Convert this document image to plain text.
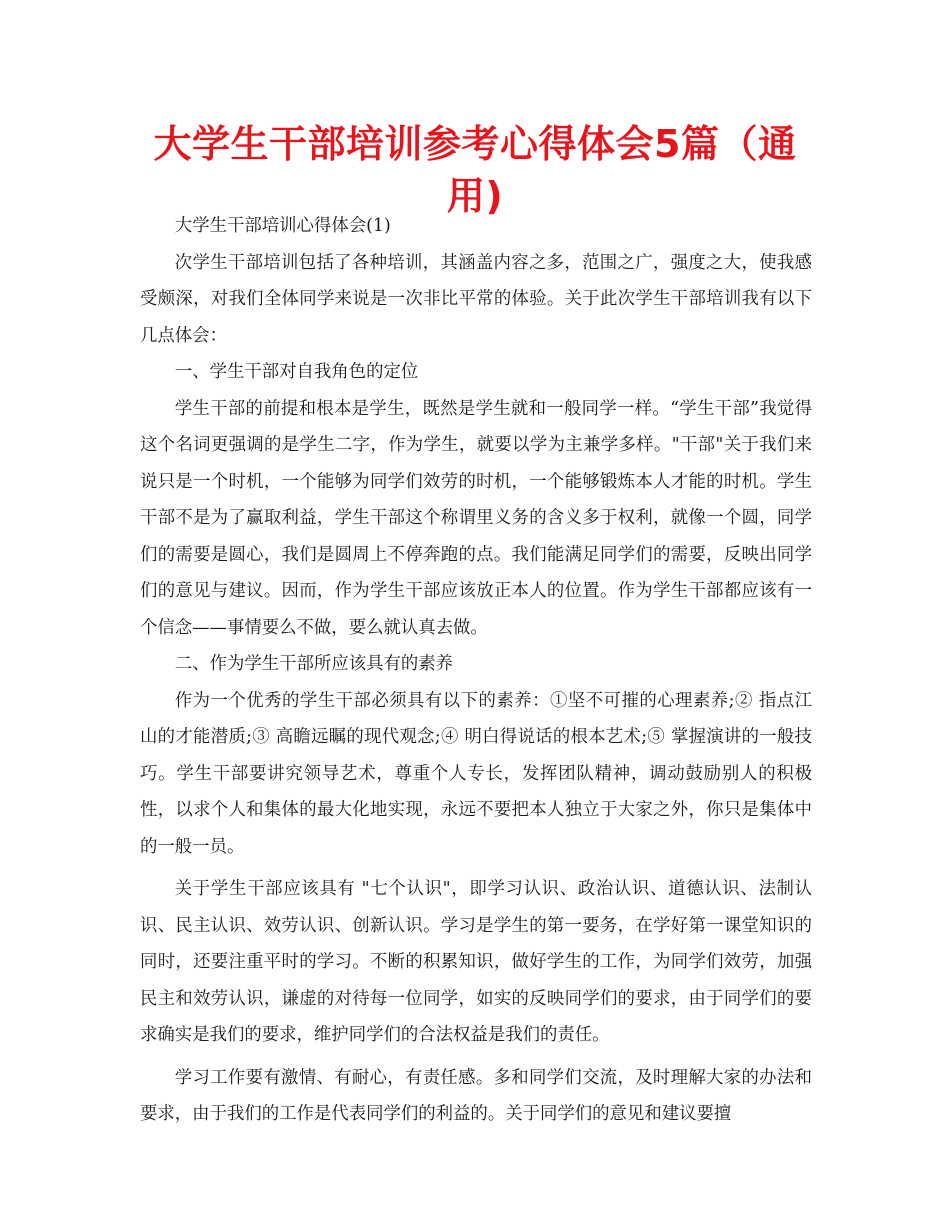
大学生干部培训参考心得体会5篇（通用)

大学生干部培训心得体会(1)

次学生干部培训包括了各种培训，其涵盖内容之多，范围之广，强度之大，使我感受颇深，对我们全体同学来说是一次非比平常的体验。关于此次学生干部培训我有以下几点体会：

一、学生干部对自我角色的定位

学生干部的前提和根本是学生，既然是学生就和一般同学一样。“学生干部”我觉得这个名词更强调的是学生二字，作为学生，就要以学为主兼学多样。"干部"关于我们来说只是一个时机，一个能够为同学们效劳的时机，一个能够锻炼本人才能的时机。学生干部不是为了赢取利益，学生干部这个称谓里义务的含义多于权利，就像一个圆，同学们的需要是圆心，我们是圆周上不停奔跑的点。我们能满足同学们的需要，反映出同学们的意见与建议。因而，作为学生干部应该放正本人的位置。作为学生干部都应该有一个信念——事情要么不做，要么就认真去做。

二、作为学生干部所应该具有的素养

作为一个优秀的学生干部必须具有以下的素养：①坚不可摧的心理素养;② 指点江山的才能潜质;③ 高瞻远瞩的现代观念;④ 明白得说话的根本艺术;⑤ 掌握演讲的一般技巧。学生干部要讲究领导艺术，尊重个人专长，发挥团队精神，调动鼓励别人的积极性，以求个人和集体的最大化地实现，永远不要把本人独立于大家之外，你只是集体中的一般一员。

关于学生干部应该具有 "七个认识"，即学习认识、政治认识、道德认识、法制认识、民主认识、效劳认识、创新认识。学习是学生的第一要务，在学好第一课堂知识的同时，还要注重平时的学习。不断的积累知识，做好学生的工作，为同学们效劳，加强民主和效劳认识，谦虚的对待每一位同学，如实的反映同学们的要求，由于同学们的要求确实是我们的要求，维护同学们的合法权益是我们的责任。

学习工作要有激情、有耐心，有责任感。多和同学们交流，及时理解大家的办法和要求，由于我们的工作是代表同学们的利益的。关于同学们的意见和建议要擅
